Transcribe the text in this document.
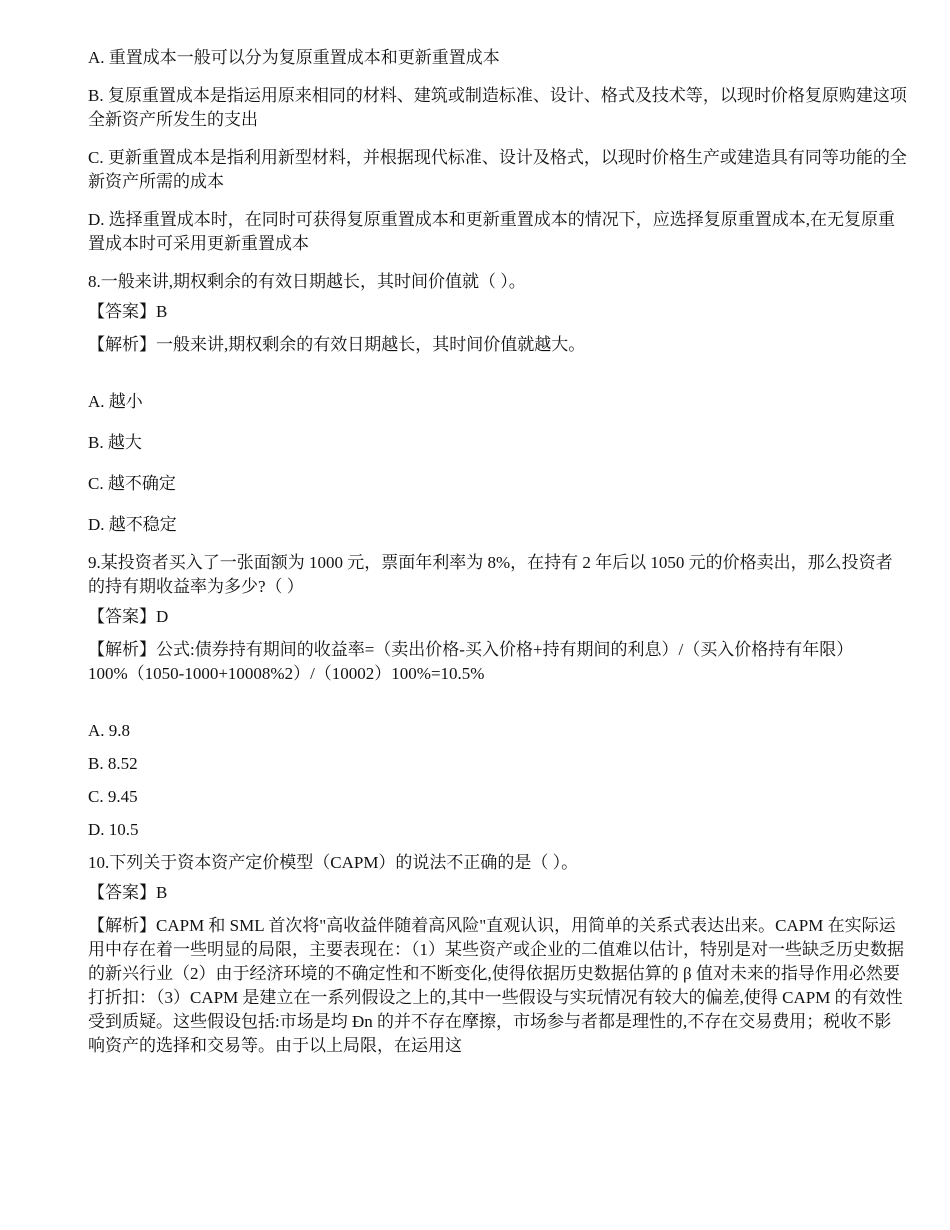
A. 重置成本一般可以分为复原重置成本和更新重置成本

B. 复原重置成本是指运用原来相同的材料、建筑或制造标准、设计、格式及技术等，以现时价格复原购建这项全新资产所发生的支出

C. 更新重置成本是指利用新型材料，并根据现代标准、设计及格式，以现时价格生产或建造具有同等功能的全新资产所需的成本

D. 选择重置成本时，在同时可获得复原重置成本和更新重置成本的情况下，应选择复原重置成本,在无复原重置成本时可采用更新重置成本

8.一般来讲,期权剩余的有效日期越长，其时间价值就（ ）。

【答案】B

【解析】一般来讲,期权剩余的有效日期越长，其时间价值就越大。

A. 越小

B. 越大

C. 越不确定

D. 越不稳定

9.某投资者买入了一张面额为 1000 元，票面年利率为 8%，在持有 2 年后以 1050 元的价格卖出，那么投资者的持有期收益率为多少?（ ）

【答案】D

【解析】公式:债券持有期间的收益率=（卖出价格-买入价格+持有期间的利息）/（买入价格持有年限）100%（1050-1000+10008%2）/（10002）100%=10.5%

A. 9.8

B. 8.52

C. 9.45

D. 10.5

10.下列关于资本资产定价模型（CAPM）的说法不正确的是（ ）。

【答案】B

【解析】CAPM 和 SML 首次将"高收益伴随着高风险"直观认识，用简单的关系式表达出来。CAPM 在实际运用中存在着一些明显的局限，主要表现在：（1）某些资产或企业的二值难以估计，特别是对一些缺乏历史数据的新兴行业（2）由于经济环境的不确定性和不断变化,使得依据历史数据估算的 β 值对未来的指导作用必然要打折扣：（3）CAPM 是建立在一系列假设之上的,其中一些假设与实玩情况有较大的偏差,使得 CAPM 的有效性受到质疑。这些假设包括:市场是均 Ðn 的并不存在摩擦，市场参与者都是理性的,不存在交易费用；税收不影响资产的选择和交易等。由于以上局限，在运用这
